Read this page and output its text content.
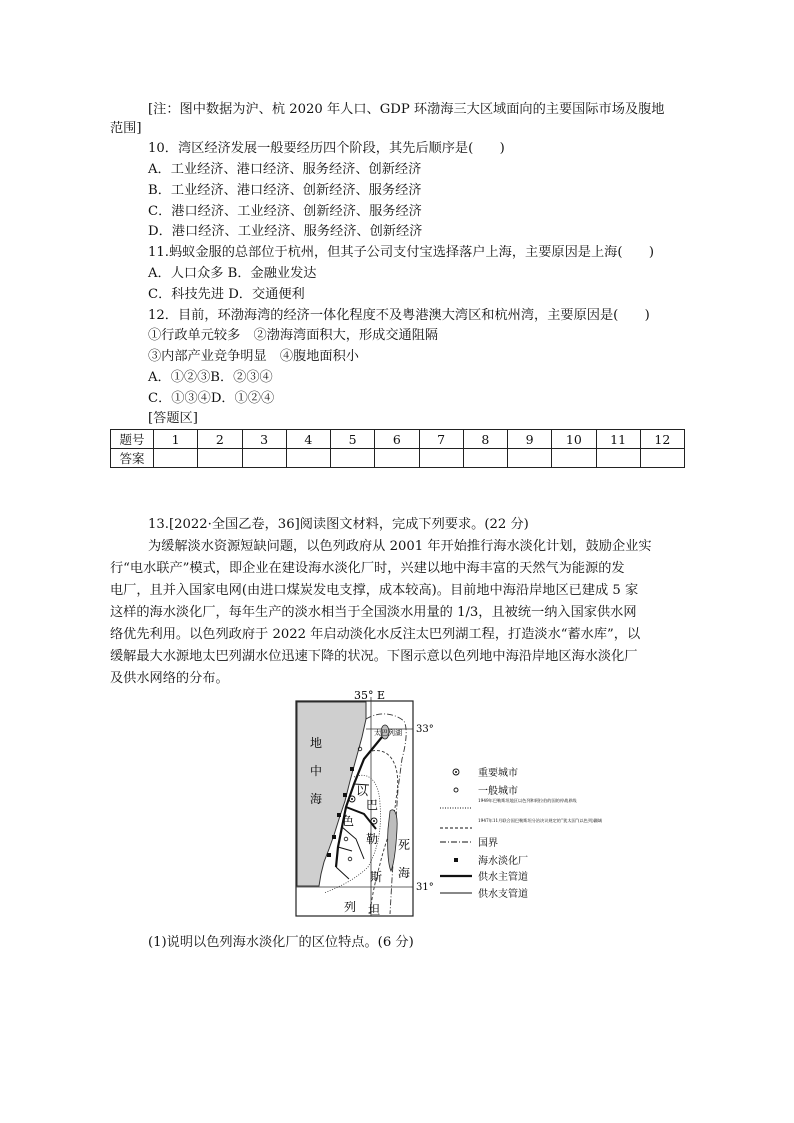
[注：图中数据为沪、杭 2020 年人口、GDP 环渤海三大区域面向的主要国际市场及腹地
范围]
10．湾区经济发展一般要经历四个阶段，其先后顺序是(　　)
A．工业经济、港口经济、服务经济、创新经济
B．工业经济、港口经济、创新经济、服务经济
C．港口经济、工业经济、创新经济、服务经济
D．港口经济、工业经济、服务经济、创新经济
11.蚂蚁金服的总部位于杭州，但其子公司支付宝选择落户上海，主要原因是上海(　　)
A．人口众多 B．金融业发达
C．科技先进 D．交通便利
12．目前，环渤海湾的经济一体化程度不及粤港澳大湾区和杭州湾，主要原因是(　　)
①行政单元较多　②渤海湾面积大，形成交通阻隔
③内部产业竞争明显　④腹地面积小
A．①②③B．②③④
C．①③④D．①②④
[答题区]
题号	1	2	3	4	5	6	7	8	9	10	11	12
答案												
13.[2022·全国乙卷，36]阅读图文材料，完成下列要求。(22 分)
为缓解淡水资源短缺问题，以色列政府从 2001 年开始推行海水淡化计划，鼓励企业实
行“电水联产”模式，即企业在建设海水淡化厂时，兴建以地中海丰富的天然气为能源的发
电厂，且并入国家电网(由进口煤炭发电支撑，成本较高)。目前地中海沿岸地区已建成 5 家
这样的海水淡化厂，每年生产的淡水相当于全国淡水用量的 1/3，且被统一纳入国家供水网
络优先利用。以色列政府于 2022 年启动淡化水反注太巴列湖工程，打造淡水“蓄水库”，以
缓解最大水源地太巴列湖水位迅速下降的状况。下图示意以色列地中海沿岸地区海水淡化厂
及供水网络的分布。
35° E
33°
31°
太巴列湖
地
中
海
以
色
列
巴
勒
斯
坦
死
海
重要城市
一般城市
1949年巴勒斯坦地区以色列和阿拉伯的国的停战界线
1947年11月联合国巴勒斯坦分治决议规定的“犹太国”(以色列)疆域
国界
海水淡化厂
供水主管道
供水支管道
(1)说明以色列海水淡化厂的区位特点。(6 分)
